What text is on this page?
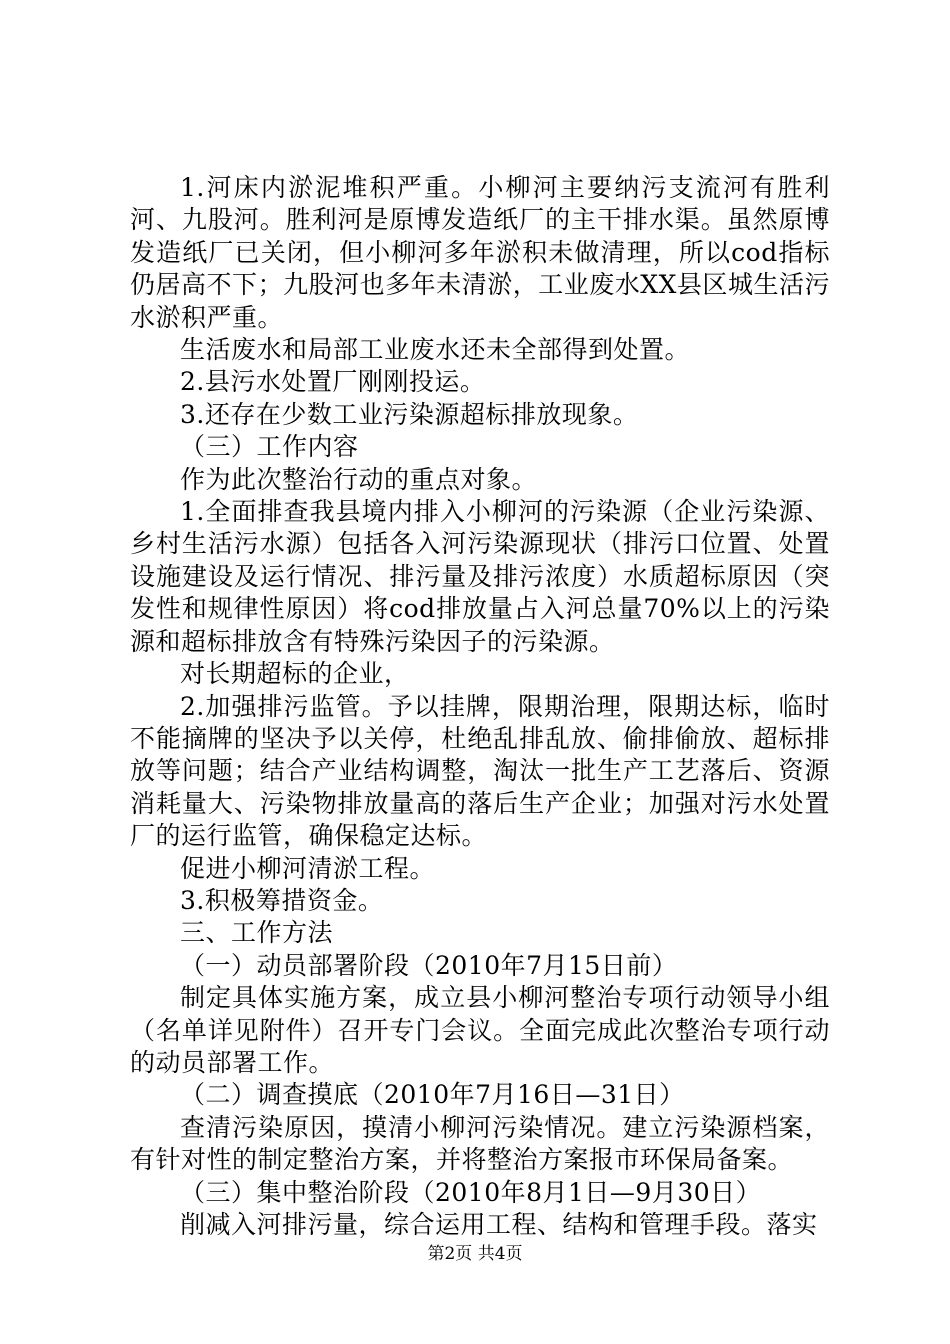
1.河床内淤泥堆积严重。小柳河主要纳污支流河有胜利河、九股河。胜利河是原博发造纸厂的主干排水渠。虽然原博发造纸厂已关闭，但小柳河多年淤积未做清理，所以cod指标仍居高不下；九股河也多年未清淤，工业废水XX县区城生活污水淤积严重。

生活废水和局部工业废水还未全部得到处置。

2.县污水处置厂刚刚投运。

3.还存在少数工业污染源超标排放现象。

（三）工作内容

作为此次整治行动的重点对象。

1.全面排查我县境内排入小柳河的污染源（企业污染源、乡村生活污水源）包括各入河污染源现状（排污口位置、处置设施建设及运行情况、排污量及排污浓度）水质超标原因（突发性和规律性原因）将cod排放量占入河总量70%以上的污染源和超标排放含有特殊污染因子的污染源。

对长期超标的企业，

2.加强排污监管。予以挂牌，限期治理，限期达标，临时不能摘牌的坚决予以关停，杜绝乱排乱放、偷排偷放、超标排放等问题；结合产业结构调整，淘汰一批生产工艺落后、资源消耗量大、污染物排放量高的落后生产企业；加强对污水处置厂的运行监管，确保稳定达标。

促进小柳河清淤工程。

3.积极筹措资金。

三、工作方法

（一）动员部署阶段（2010年7月15日前）

制定具体实施方案，成立县小柳河整治专项行动领导小组（名单详见附件）召开专门会议。全面完成此次整治专项行动的动员部署工作。

（二）调查摸底（2010年7月16日—31日）

查清污染原因，摸清小柳河污染情况。建立污染源档案，有针对性的制定整治方案，并将整治方案报市环保局备案。

（三）集中整治阶段（2010年8月1日—9月30日）

削减入河排污量，综合运用工程、结构和管理手段。落实

第2页 共4页
